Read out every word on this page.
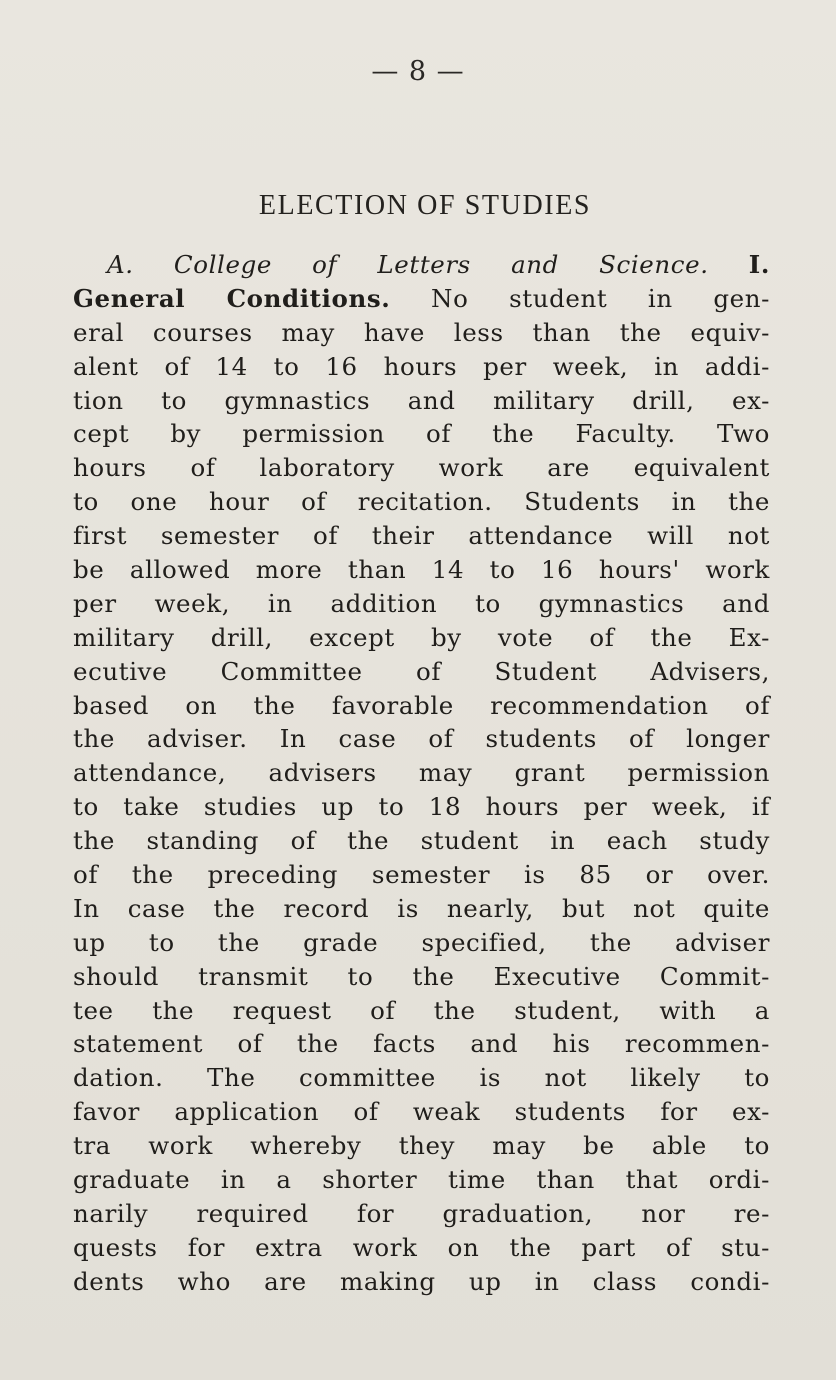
— 8 —
ELECTION OF STUDIES
A. College of Letters and Science. I.
General Conditions. No student in gen-
eral courses may have less than the equiv-
alent of 14 to 16 hours per week, in addi-
tion to gymnastics and military drill, ex-
cept by permission of the Faculty. Two
hours of laboratory work are equivalent
to one hour of recitation. Students in the
first semester of their attendance will not
be allowed more than 14 to 16 hours' work
per week, in addition to gymnastics and
military drill, except by vote of the Ex-
ecutive Committee of Student Advisers,
based on the favorable recommendation of
the adviser. In case of students of longer
attendance, advisers may grant permission
to take studies up to 18 hours per week, if
the standing of the student in each study
of the preceding semester is 85 or over.
In case the record is nearly, but not quite
up to the grade specified, the adviser
should transmit to the Executive Commit-
tee the request of the student, with a
statement of the facts and his recommen-
dation. The committee is not likely to
favor application of weak students for ex-
tra work whereby they may be able to
graduate in a shorter time than that ordi-
narily required for graduation, nor re-
quests for extra work on the part of stu-
dents who are making up in class condi-
